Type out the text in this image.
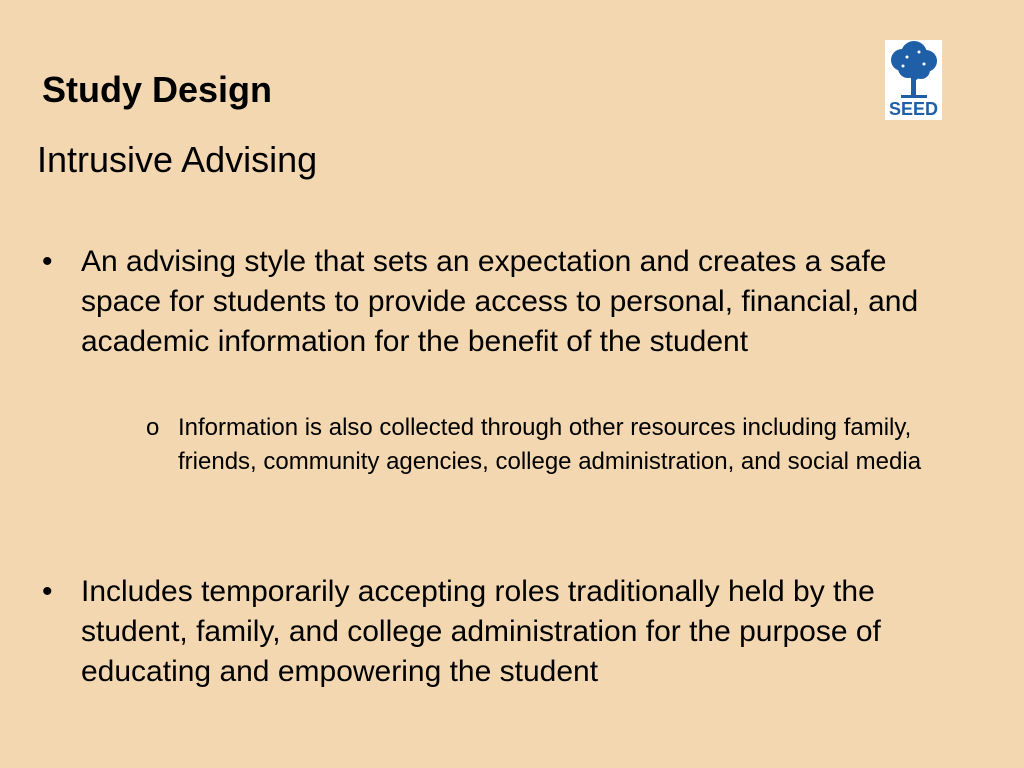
Study Design	SEED
Intrusive Advising
• An advising style that sets an expectation and creates a safe space for students to provide access to personal, financial, and academic information for the benefit of the student
o Information is also collected through other resources including family, friends, community agencies, college administration, and social media
• Includes temporarily accepting roles traditionally held by the student, family, and college administration for the purpose of educating and empowering the student
